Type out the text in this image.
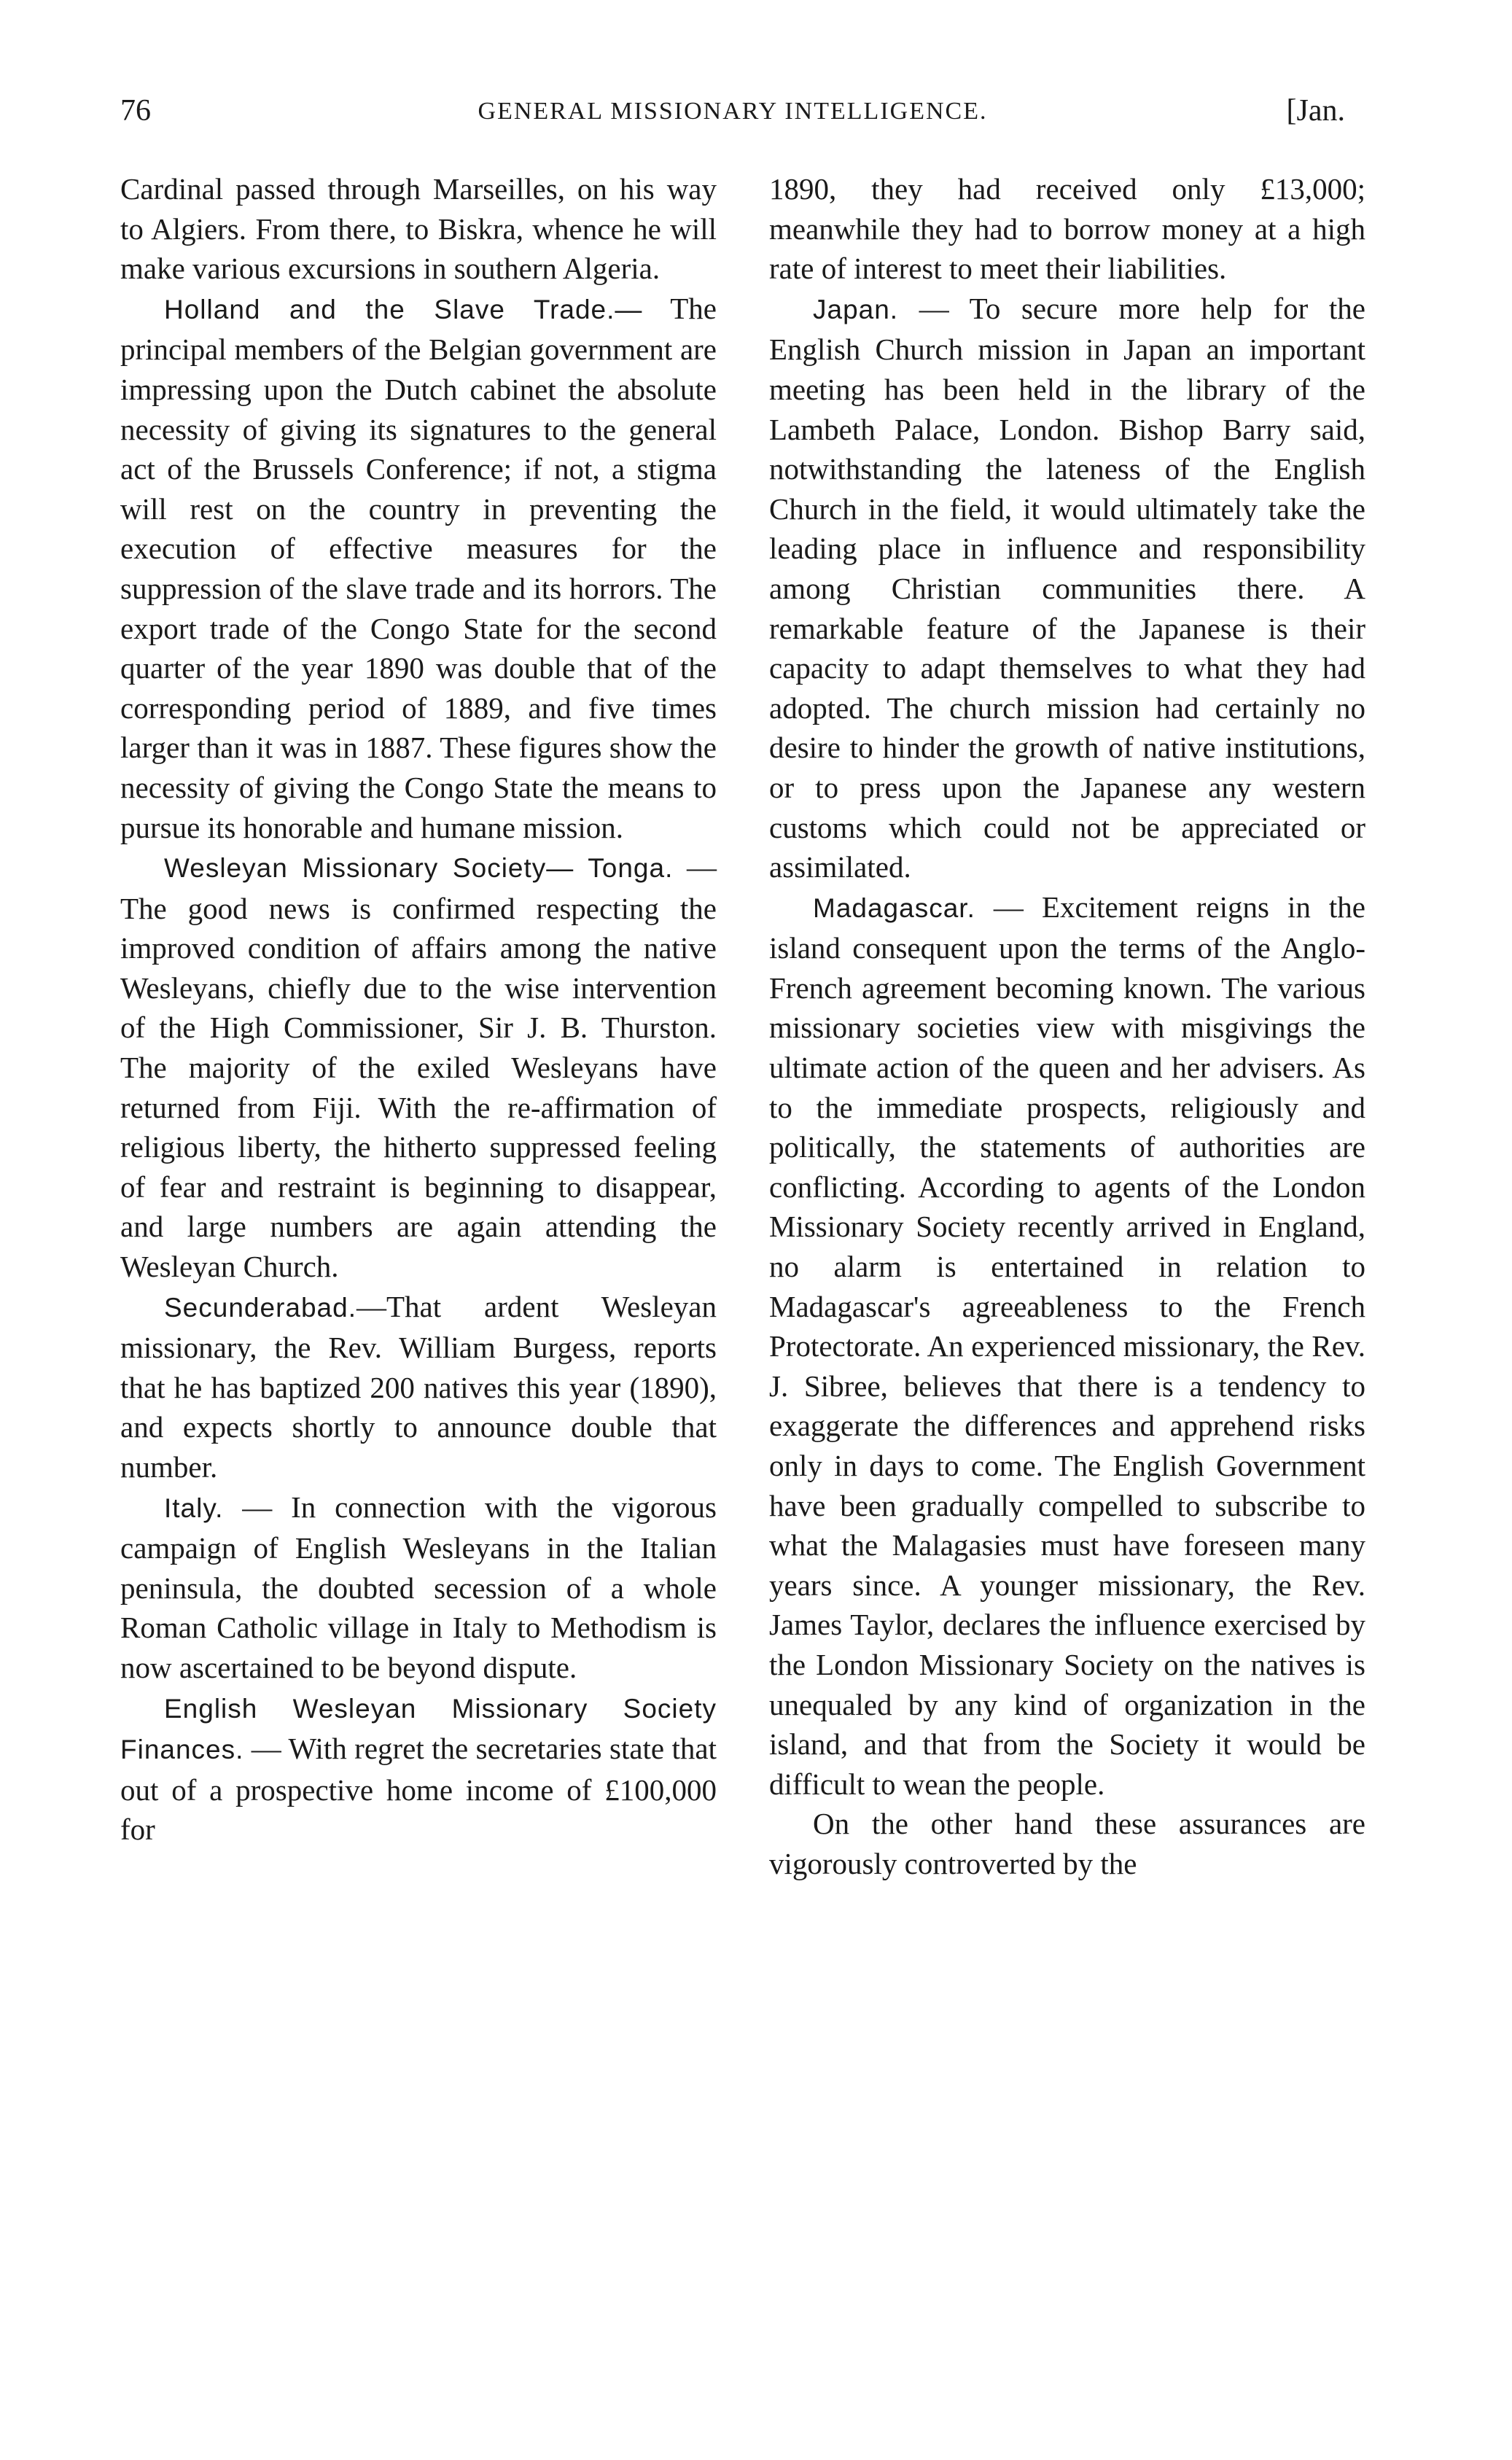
76	GENERAL MISSIONARY INTELLIGENCE.	[Jan.

Cardinal passed through Marseilles, on his way to Algiers. From there, to Biskra, whence he will make various excursions in southern Algeria.

Holland and the Slave Trade.— The principal members of the Belgian government are impressing upon the Dutch cabinet the absolute necessity of giving its signatures to the general act of the Brussels Conference; if not, a stigma will rest on the country in preventing the execution of effective measures for the suppression of the slave trade and its horrors. The export trade of the Congo State for the second quarter of the year 1890 was double that of the corresponding period of 1889, and five times larger than it was in 1887. These figures show the necessity of giving the Congo State the means to pursue its honorable and humane mission.

Wesleyan Missionary Society— Tonga. — The good news is confirmed respecting the improved condition of affairs among the native Wesleyans, chiefly due to the wise intervention of the High Commissioner, Sir J. B. Thurston. The majority of the exiled Wesleyans have returned from Fiji. With the re-affirmation of religious liberty, the hitherto suppressed feeling of fear and restraint is beginning to disappear, and large numbers are again attending the Wesleyan Church.

Secunderabad.—That ardent Wesleyan missionary, the Rev. William Burgess, reports that he has baptized 200 natives this year (1890), and expects shortly to announce double that number.

Italy. — In connection with the vigorous campaign of English Wesleyans in the Italian peninsula, the doubted secession of a whole Roman Catholic village in Italy to Methodism is now ascertained to be beyond dispute.

English Wesleyan Missionary Society Finances. — With regret the secretaries state that out of a prospective home income of £100,000 for

1890, they had received only £13,000; meanwhile they had to borrow money at a high rate of interest to meet their liabilities.

Japan. — To secure more help for the English Church mission in Japan an important meeting has been held in the library of the Lambeth Palace, London. Bishop Barry said, notwithstanding the lateness of the English Church in the field, it would ultimately take the leading place in influence and responsibility among Christian communities there. A remarkable feature of the Japanese is their capacity to adapt themselves to what they had adopted. The church mission had certainly no desire to hinder the growth of native institutions, or to press upon the Japanese any western customs which could not be appreciated or assimilated.

Madagascar. — Excitement reigns in the island consequent upon the terms of the Anglo-French agreement becoming known. The various missionary societies view with misgivings the ultimate action of the queen and her advisers. As to the immediate prospects, religiously and politically, the statements of authorities are conflicting. According to agents of the London Missionary Society recently arrived in England, no alarm is entertained in relation to Madagascar's agreeableness to the French Protectorate. An experienced missionary, the Rev. J. Sibree, believes that there is a tendency to exaggerate the differences and apprehend risks only in days to come. The English Government have been gradually compelled to subscribe to what the Malagasies must have foreseen many years since. A younger missionary, the Rev. James Taylor, declares the influence exercised by the London Missionary Society on the natives is unequaled by any kind of organization in the island, and that from the Society it would be difficult to wean the people.

On the other hand these assurances are vigorously controverted by the
